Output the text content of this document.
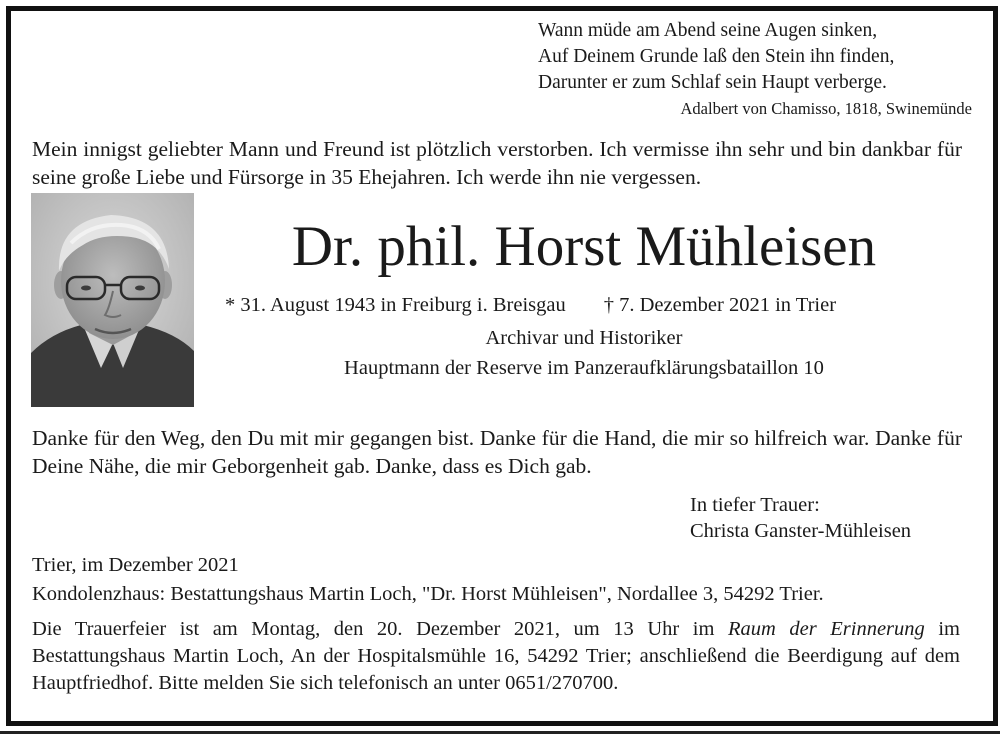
Wann müde am Abend seine Augen sinken,
Auf Deinem Grunde laß den Stein ihn finden,
Darunter er zum Schlaf sein Haupt verberge.
Adalbert von Chamisso, 1818, Swinemünde
Mein innigst geliebter Mann und Freund ist plötzlich verstorben. Ich vermisse ihn sehr und bin dankbar für seine große Liebe und Fürsorge in 35 Ehejahren. Ich werde ihn nie vergessen.
Dr. phil. Horst Mühleisen
* 31. August 1943 in Freiburg i. Breisgau † 7. Dezember 2021 in Trier
Archivar und Historiker
Hauptmann der Reserve im Panzeraufklärungsbataillon 10
Danke für den Weg, den Du mit mir gegangen bist. Danke für die Hand, die mir so hilfreich war. Danke für Deine Nähe, die mir Geborgenheit gab. Danke, dass es Dich gab.
In tiefer Trauer:
Christa Ganster-Mühleisen
Trier, im Dezember 2021
Kondolenzhaus: Bestattungshaus Martin Loch, "Dr. Horst Mühleisen", Nordallee 3, 54292 Trier.
Die Trauerfeier ist am Montag, den 20. Dezember 2021, um 13 Uhr im Raum der Erinnerung im Bestattungshaus Martin Loch, An der Hospitalsmühle 16, 54292 Trier; anschließend die Beerdigung auf dem Hauptfriedhof. Bitte melden Sie sich telefonisch an unter 0651/270700.
